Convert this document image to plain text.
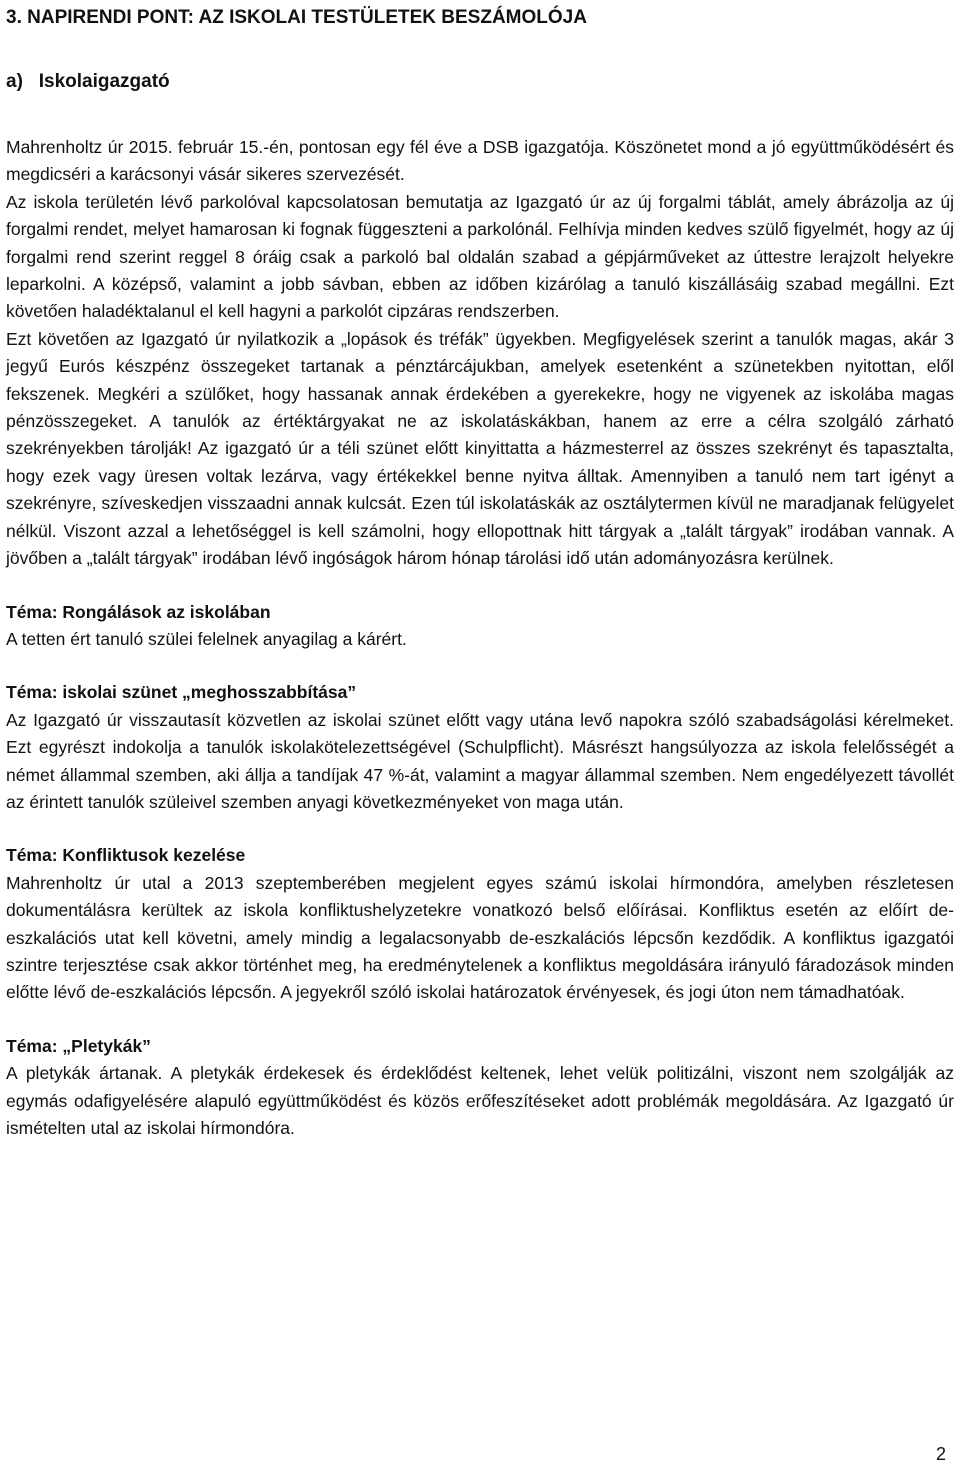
3. NAPIRENDI PONT: AZ ISKOLAI TESTÜLETEK BESZÁMOLÓJA
a)   Iskolaigazgató

Mahrenholtz úr 2015. február 15.-én, pontosan egy fél éve a DSB igazgatója. Köszönetet mond a jó együttműködésért és megdicséri a karácsonyi vásár sikeres szervezését.

Az iskola területén lévő parkolóval kapcsolatosan bemutatja az Igazgató úr az új forgalmi táblát, amely ábrázolja az új forgalmi rendet, melyet hamarosan ki fognak függeszteni a parkolónál. Felhívja minden kedves szülő figyelmét, hogy az új forgalmi rend szerint reggel 8 óráig csak a parkoló bal oldalán szabad a gépjárműveket az úttestre lerajzolt helyekre leparkolni. A középső, valamint a jobb sávban, ebben az időben kizárólag a tanuló kiszállásáig szabad megállni. Ezt követően haladéktalanul el kell hagyni a parkolót cipzáras rendszerben.

Ezt követően az Igazgató úr nyilatkozik a „lopások és tréfák” ügyekben. Megfigyelések szerint a tanulók magas, akár 3 jegyű Eurós készpénz összegeket tartanak a pénztárcájukban, amelyek esetenként a szünetekben nyitottan, elől fekszenek. Megkéri a szülőket, hogy hassanak annak érdekében a gyerekekre, hogy ne vigyenek az iskolába magas pénzösszegeket. A tanulók az értéktárgyakat ne az iskolatáskákban, hanem az erre a célra szolgáló zárható szekrényekben tárolják! Az igazgató úr a téli szünet előtt kinyittatta a házmesterrel az összes szekrényt és tapasztalta, hogy ezek vagy üresen voltak lezárva, vagy értékekkel benne nyitva álltak. Amennyiben a tanuló nem tart igényt a szekrényre, szíveskedjen visszaadni annak kulcsát. Ezen túl iskolatáskák az osztálytermen kívül ne maradjanak felügyelet nélkül. Viszont azzal a lehetőséggel is kell számolni, hogy ellopottnak hitt tárgyak a „talált tárgyak” irodában vannak. A jövőben a „talált tárgyak” irodában lévő ingóságok három hónap tárolási idő után adományozásra kerülnek.

Téma: Rongálások az iskolában

A tetten ért tanuló szülei felelnek anyagilag a kárért.

Téma: iskolai szünet „meghosszabbítása”

Az Igazgató úr visszautasít közvetlen az iskolai szünet előtt vagy utána levő napokra szóló szabadságolási kérelmeket. Ezt egyrészt indokolja a tanulók iskolakötelezettségével (Schulpflicht). Másrészt hangsúlyozza az iskola felelősségét a német állammal szemben, aki állja a tandíjak 47 %-át, valamint a magyar állammal szemben. Nem engedélyezett távollét az érintett tanulók szüleivel szemben anyagi következményeket von maga után.

Téma: Konfliktusok kezelése

Mahrenholtz úr utal a 2013 szeptemberében megjelent egyes számú iskolai hírmondóra, amelyben részletesen dokumentálásra kerültek az iskola konfliktushelyzetekre vonatkozó belső előírásai. Konfliktus esetén az előírt de-eszkalációs utat kell követni, amely mindig a legalacsonyabb de-eszkalációs lépcsőn kezdődik. A konfliktus igazgatói szintre terjesztése csak akkor történhet meg, ha eredménytelenek a konfliktus megoldására irányuló fáradozások minden előtte lévő de-eszkalációs lépcsőn. A jegyekről szóló iskolai határozatok érvényesek, és jogi úton nem támadhatóak.

Téma: „Pletykák”

A pletykák ártanak. A pletykák érdekesek és érdeklődést keltenek, lehet velük politizálni, viszont nem szolgálják az egymás odafigyelésére alapuló együttműködést és közös erőfeszítéseket adott problémák megoldására. Az Igazgató úr ismételten utal az iskolai hírmondóra.

2
